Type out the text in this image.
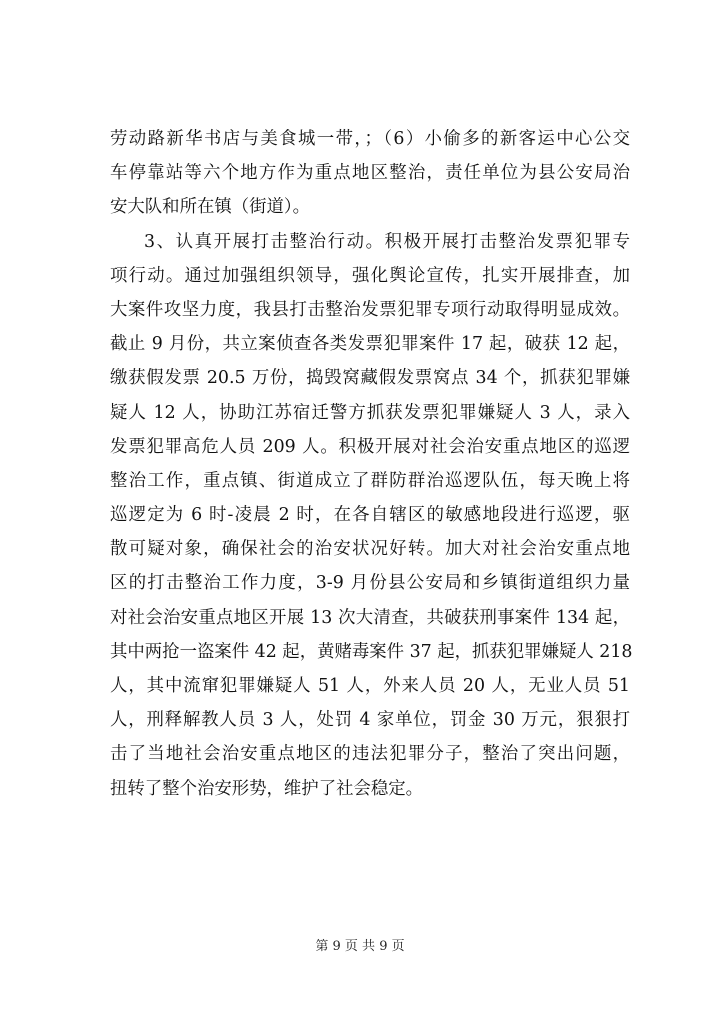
劳动路新华书店与美食城一带，；（6）小偷多的新客运中心公交
车停靠站等六个地方作为重点地区整治，责任单位为县公安局治
安大队和所在镇（街道）。
3、认真开展打击整治行动。积极开展打击整治发票犯罪专
项行动。通过加强组织领导，强化舆论宣传，扎实开展排查，加
大案件攻坚力度，我县打击整治发票犯罪专项行动取得明显成效。
截止 9 月份，共立案侦查各类发票犯罪案件 17 起，破获 12 起，
缴获假发票 20.5 万份，捣毁窝藏假发票窝点 34 个，抓获犯罪嫌
疑人 12 人，协助江苏宿迁警方抓获发票犯罪嫌疑人 3 人，录入
发票犯罪高危人员 209 人。积极开展对社会治安重点地区的巡逻
整治工作，重点镇、街道成立了群防群治巡逻队伍，每天晚上将
巡逻定为 6 时-凌晨 2 时，在各自辖区的敏感地段进行巡逻，驱
散可疑对象，确保社会的治安状况好转。加大对社会治安重点地
区的打击整治工作力度，3-9 月份县公安局和乡镇街道组织力量
对社会治安重点地区开展 13 次大清查，共破获刑事案件 134 起，
其中两抢一盗案件 42 起，黄赌毒案件 37 起，抓获犯罪嫌疑人 218
人，其中流窜犯罪嫌疑人 51 人，外来人员 20 人，无业人员 51
人，刑释解教人员 3 人，处罚 4 家单位，罚金 30 万元，狠狠打
击了当地社会治安重点地区的违法犯罪分子，整治了突出问题，
扭转了整个治安形势，维护了社会稳定。
第 9 页 共 9 页
